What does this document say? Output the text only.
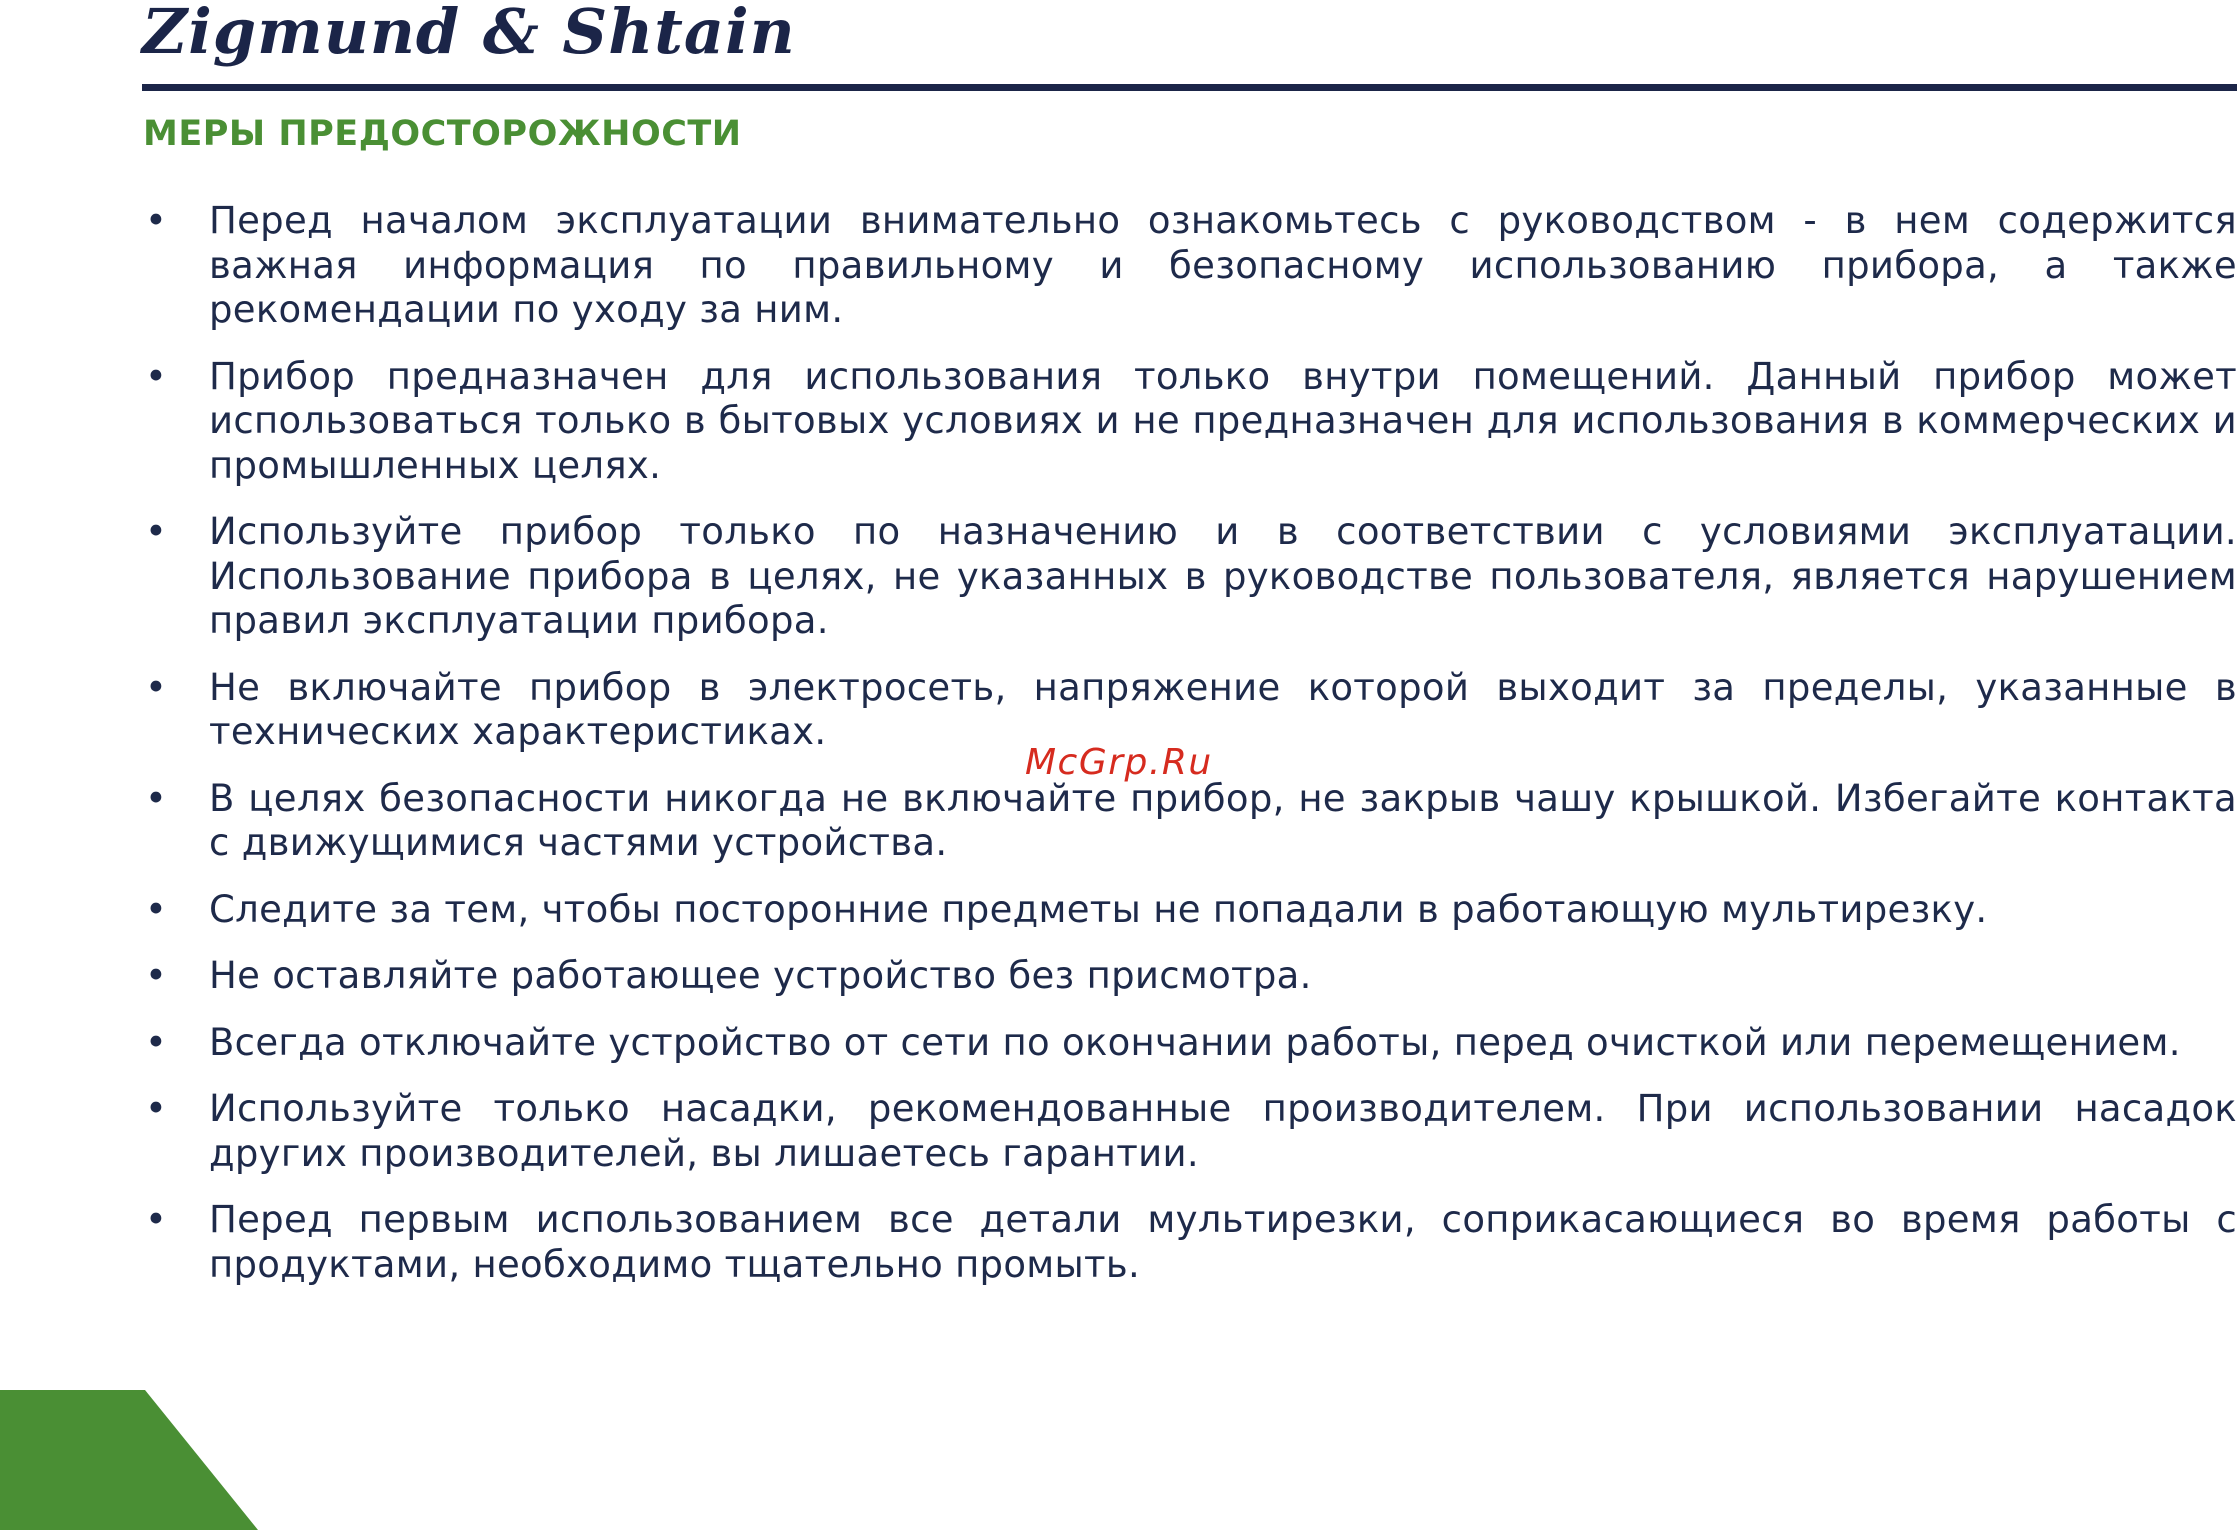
Zigmund & Shtain
МЕРЫ ПРЕДОСТОРОЖНОСТИ
•	Перед началом эксплуатации внимательно ознакомьтесь с руководством - в нем содержится важная информация по правильному и безопасному использованию прибора, а также рекомендации по уходу за ним.
•	Прибор предназначен для использования только внутри помещений. Данный прибор может использоваться только в бытовых условиях и не предназначен для использования в коммерческих и промышленных целях.
•	Используйте прибор только по назначению и в соответствии с условиями эксплуатации. Использование прибора в целях, не указанных в руководстве пользователя, является нарушением правил эксплуатации прибора.
•	Не включайте прибор в электросеть, напряжение которой выходит за пределы, указанные в технических характеристиках.
•	В целях безопасности никогда не включайте прибор, не закрыв чашу крышкой. Избегайте контакта с движущимися частями устройства.
•	Следите за тем, чтобы посторонние предметы не попадали в работающую мультирезку.
•	Не оставляйте работающее устройство без присмотра.
•	Всегда отключайте устройство от сети по окончании работы, перед очисткой или перемещением.
•	Используйте только насадки, рекомендованные производителем. При использовании насадок других производителей, вы лишаетесь гарантии.
•	Перед первым использованием все детали мультирезки, соприкасающиеся во время работы с продуктами, необходимо тщательно промыть.
McGrp.Ru
